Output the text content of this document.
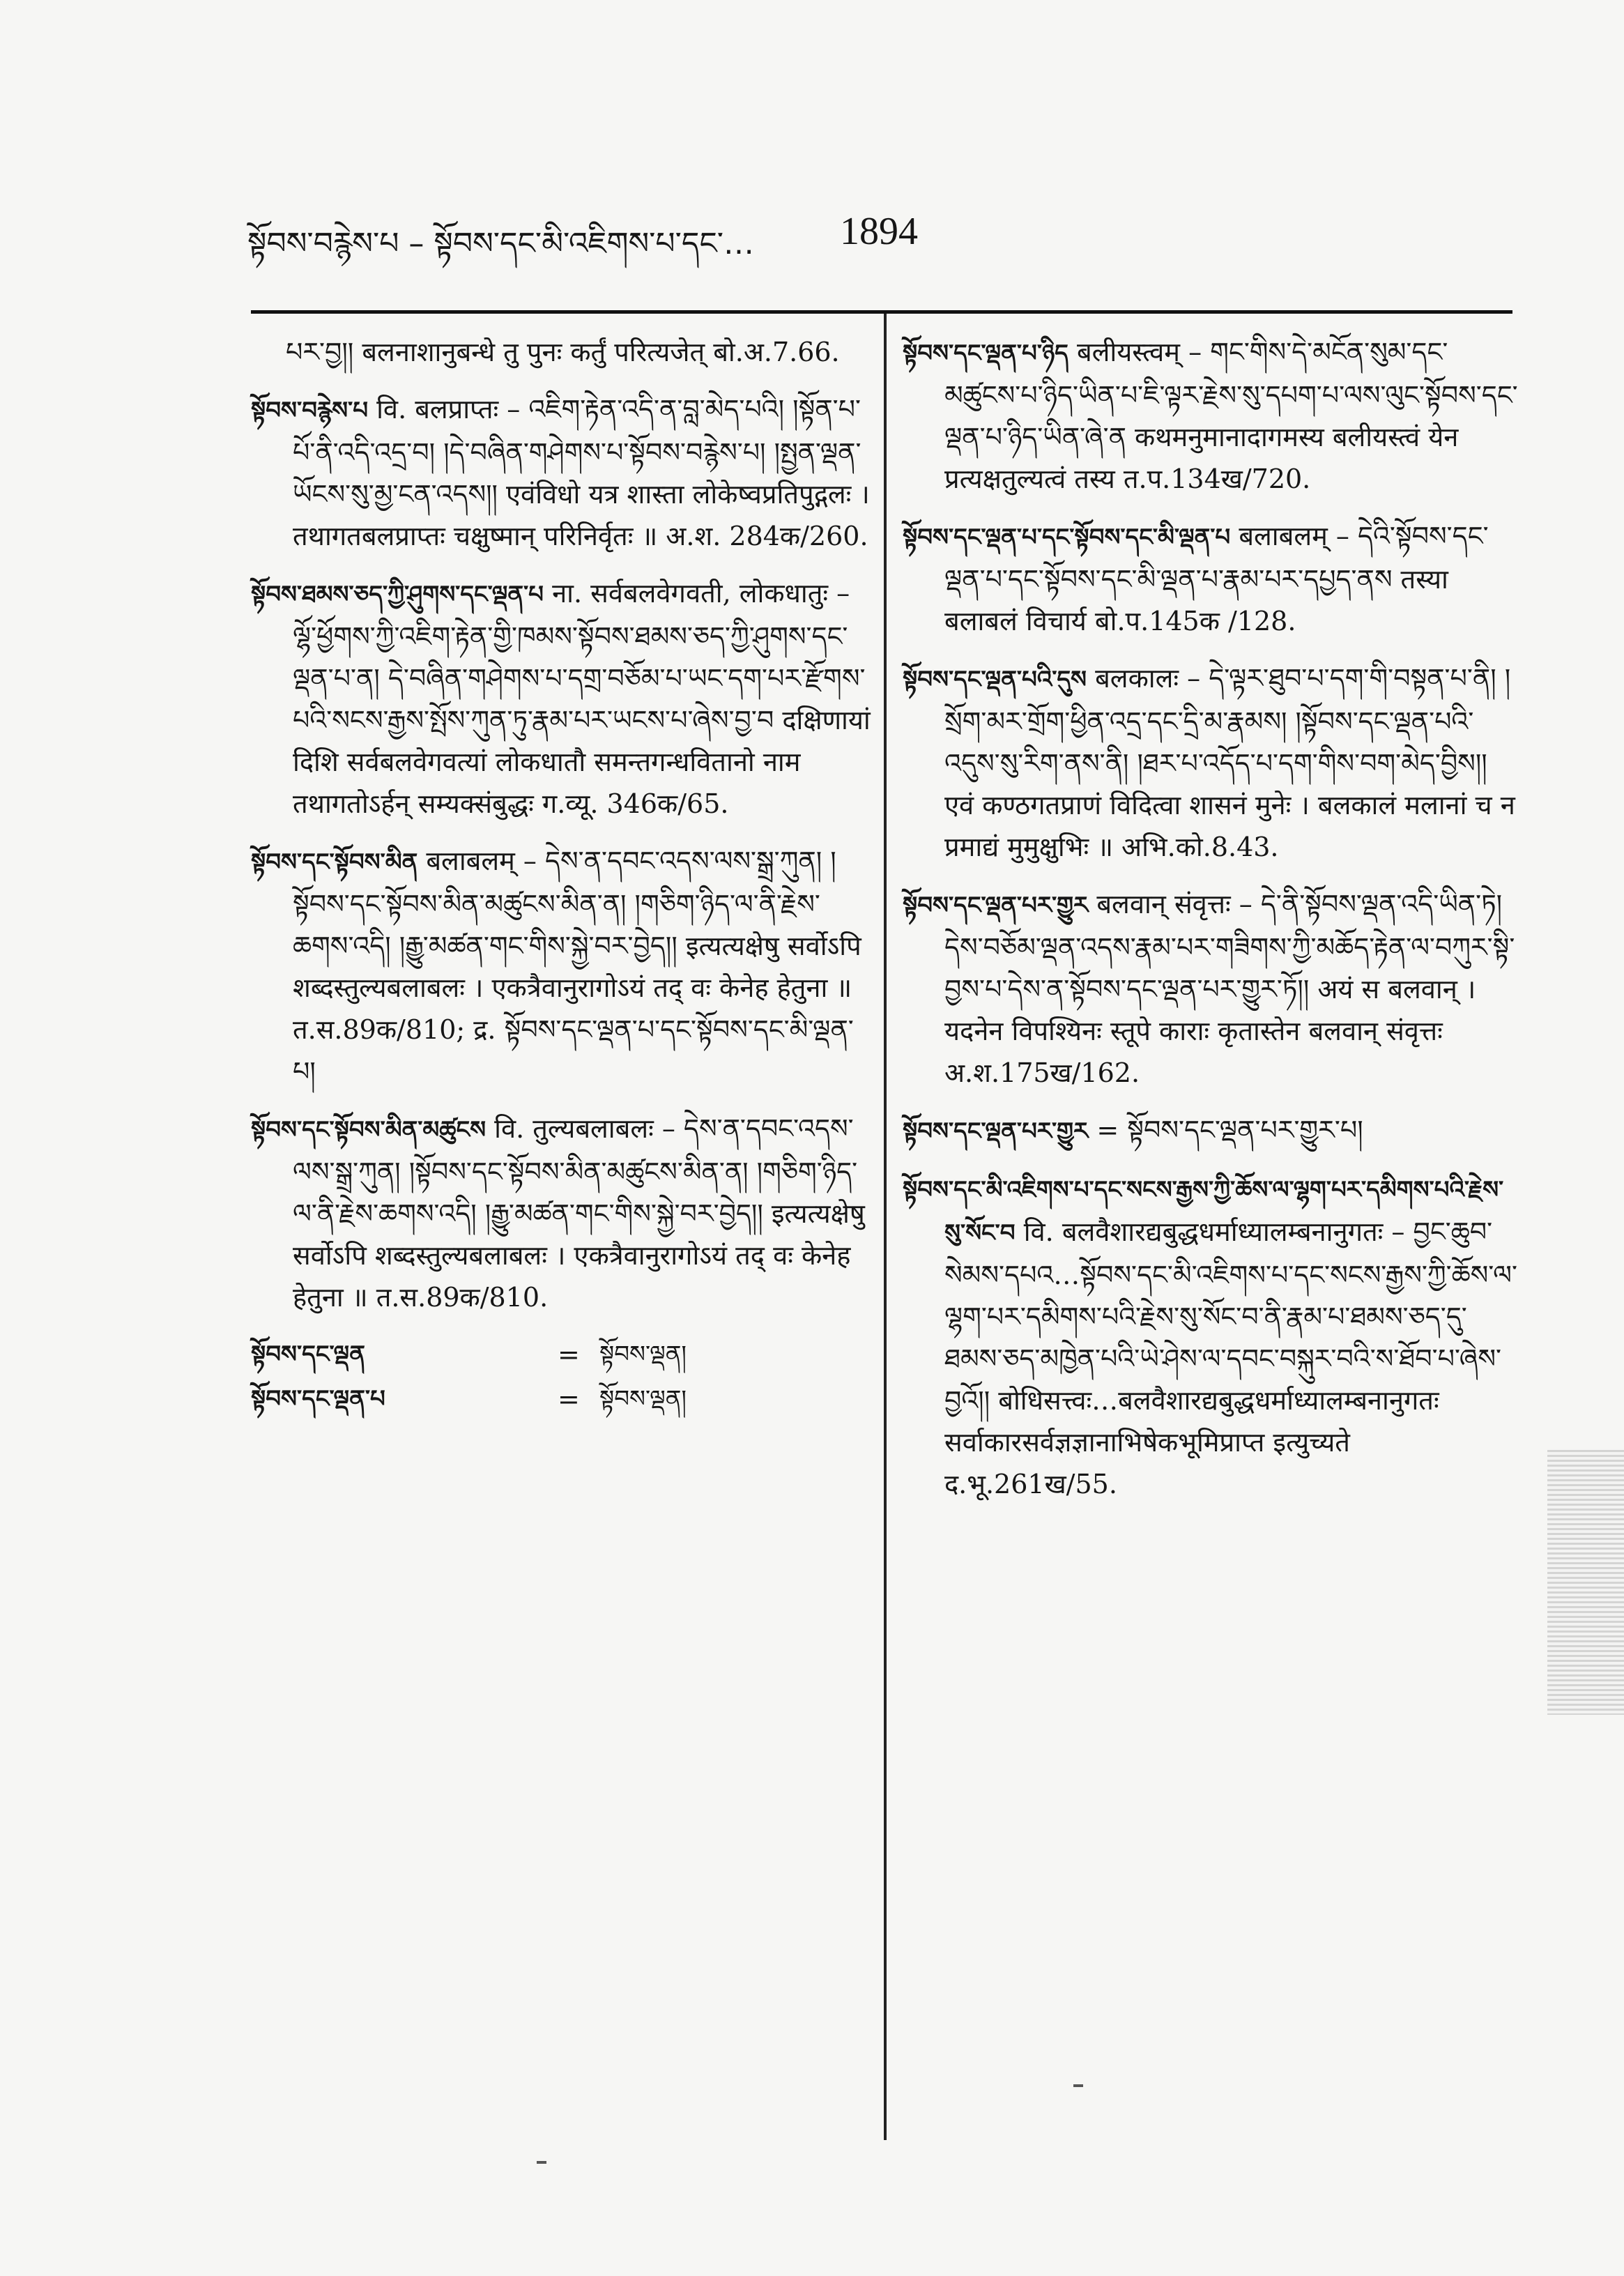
སྟོབས་བརྙེས་པ – སྟོབས་དང་མི་འཇིགས་པ་དང་… 1894

པར་བྱ།། बलनाशानुबन्धे तु पुनः कर्तुं परित्यजेत् बो.अ.7.66.

སྟོབས་བརྙེས་པ वि. बलप्राप्तः – འཇིག་རྟེན་འདི་ན་བླ་མེད་པའི། །སྟོན་པ་པོ་ནི་འདི་འདྲ་བ། །དེ་བཞིན་གཤེགས་པ་སྟོབས་བརྙེས་པ། །སྤྱན་ལྡན་ཡོངས་སུ་མྱ་ངན་འདས།། एवंविधो यत्र शास्ता लोकेष्वप्रतिपुद्गलः । तथागतबलप्राप्तः चक्षुष्मान् परिनिर्वृतः ॥ अ.श. 284क/260.

སྟོབས་ཐམས་ཅད་ཀྱི་ཤུགས་དང་ལྡན་པ ना. सर्वबलवेगवती, लोकधातुः – ལྷོ་ཕྱོགས་ཀྱི་འཇིག་རྟེན་གྱི་ཁམས་སྟོབས་ཐམས་ཅད་ཀྱི་ཤུགས་དང་ལྡན་པ་ན། དེ་བཞིན་གཤེགས་པ་དགྲ་བཅོམ་པ་ཡང་དག་པར་རྫོགས་པའི་སངས་རྒྱས་སྤོས་ཀུན་ཏུ་རྣམ་པར་ཡངས་པ་ཞེས་བྱ་བ दक्षिणायां दिशि सर्वबलवेगवत्यां लोकधातौ समन्तगन्धवितानो नाम तथागतोऽर्हन् सम्यक्संबुद्धः ग.व्यू. 346क/65.

སྟོབས་དང་སྟོབས་མིན बलाबलम् – དེས་ན་དབང་འདས་ལས་སྒྲ་ཀུན། །སྟོབས་དང་སྟོབས་མིན་མཚུངས་མིན་ན། །གཅིག་ཉིད་ལ་ནི་རྗེས་ཆགས་འདི། །རྒྱུ་མཚན་གང་གིས་སྐྱེ་བར་བྱེད།། इत्यत्यक्षेषु सर्वोऽपि शब्दस्तुल्यबलाबलः । एकत्रैवानुरागोऽयं तद् वः केनेह हेतुना ॥ त.स.89क/810; द्र. སྟོབས་དང་ལྡན་པ་དང་སྟོབས་དང་མི་ལྡན་པ།

སྟོབས་དང་སྟོབས་མིན་མཚུངས वि. तुल्यबलाबलः – དེས་ན་དབང་འདས་ལས་སྒྲ་ཀུན། །སྟོབས་དང་སྟོབས་མིན་མཚུངས་མིན་ན། །གཅིག་ཉིད་ལ་ནི་རྗེས་ཆགས་འདི། །རྒྱུ་མཚན་གང་གིས་སྐྱེ་བར་བྱེད།། इत्यत्यक्षेषु सर्वोऽपि शब्दस्तुल्यबलाबलः । एकत्रैवानुरागोऽयं तद् वः केनेह हेतुना ॥ त.स.89क/810.

སྟོབས་དང་ལྡན	= སྟོབས་ལྡན།
སྟོབས་དང་ལྡན་པ	= སྟོབས་ལྡན།

སྟོབས་དང་ལྡན་པ་ཉིད बलीयस्त्वम् – གང་གིས་དེ་མངོན་སུམ་དང་མཚུངས་པ་ཉིད་ཡིན་པ་ཇི་ལྟར་རྗེས་སུ་དཔག་པ་ལས་ལུང་སྟོབས་དང་ལྡན་པ་ཉིད་ཡིན་ཞེ་ན कथमनुमानादागमस्य बलीयस्त्वं येन प्रत्यक्षतुल्यत्वं तस्य त.प.134ख/720.

སྟོབས་དང་ལྡན་པ་དང་སྟོབས་དང་མི་ལྡན་པ बलाबलम् – དེའི་སྟོབས་དང་ལྡན་པ་དང་སྟོབས་དང་མི་ལྡན་པ་རྣམ་པར་དཔྱད་ནས तस्या बलाबलं विचार्य बो.प.145क /128.

སྟོབས་དང་ལྡན་པའི་དུས बलकालः – དེ་ལྟར་ཐུབ་པ་དག་གི་བསྟན་པ་ནི། །སྲོག་མར་གྲོག་ཕྱིན་འདྲ་དང་དྲི་མ་རྣམས། །སྟོབས་དང་ལྡན་པའི་འདུས་སུ་རིག་ནས་ནི། །ཐར་པ་འདོད་པ་དག་གིས་བག་མེད་བྱིས།། एवं कण्ठगतप्राणं विदित्वा शासनं मुनेः । बलकालं मलानां च न प्रमाद्यं मुमुक्षुभिः ॥ अभि.को.8.43.

སྟོབས་དང་ལྡན་པར་གྱུར बलवान् संवृत्तः – དེ་ནི་སྟོབས་ལྡན་འདི་ཡིན་ཏེ། དེས་བཅོམ་ལྡན་འདས་རྣམ་པར་གཟིགས་ཀྱི་མཆོད་རྟེན་ལ་བཀུར་སྟི་བྱས་པ་དེས་ན་སྟོབས་དང་ལྡན་པར་གྱུར་ཏོ།། अयं स बलवान् । यदनेन विपश्यिनः स्तूपे काराः कृतास्तेन बलवान् संवृत्तः अ.श.175ख/162.

སྟོབས་དང་ལྡན་པར་གྱུར = སྟོབས་དང་ལྡན་པར་གྱུར་པ།

སྟོབས་དང་མི་འཇིགས་པ་དང་སངས་རྒྱས་ཀྱི་ཆོས་ལ་ལྷག་པར་དམིགས་པའི་རྗེས་སུ་སོང་བ वि. बलवैशारद्यबुद्धधर्माध्यालम्बनानुगतः – བྱང་ཆུབ་སེམས་དཔའ…སྟོབས་དང་མི་འཇིགས་པ་དང་སངས་རྒྱས་ཀྱི་ཆོས་ལ་ལྷག་པར་དམིགས་པའི་རྗེས་སུ་སོང་བ་ནི་རྣམ་པ་ཐམས་ཅད་དུ་ཐམས་ཅད་མཁྱེན་པའི་ཡེ་ཤེས་ལ་དབང་བསྐུར་བའི་ས་ཐོབ་པ་ཞེས་བྱའོ།། बोधिसत्त्वः…बलवैशारद्यबुद्धधर्माध्यालम्बनानुगतः सर्वाकारसर्वज्ञज्ञानाभिषेकभूमिप्राप्त इत्युच्यते द.भू.261ख/55.
